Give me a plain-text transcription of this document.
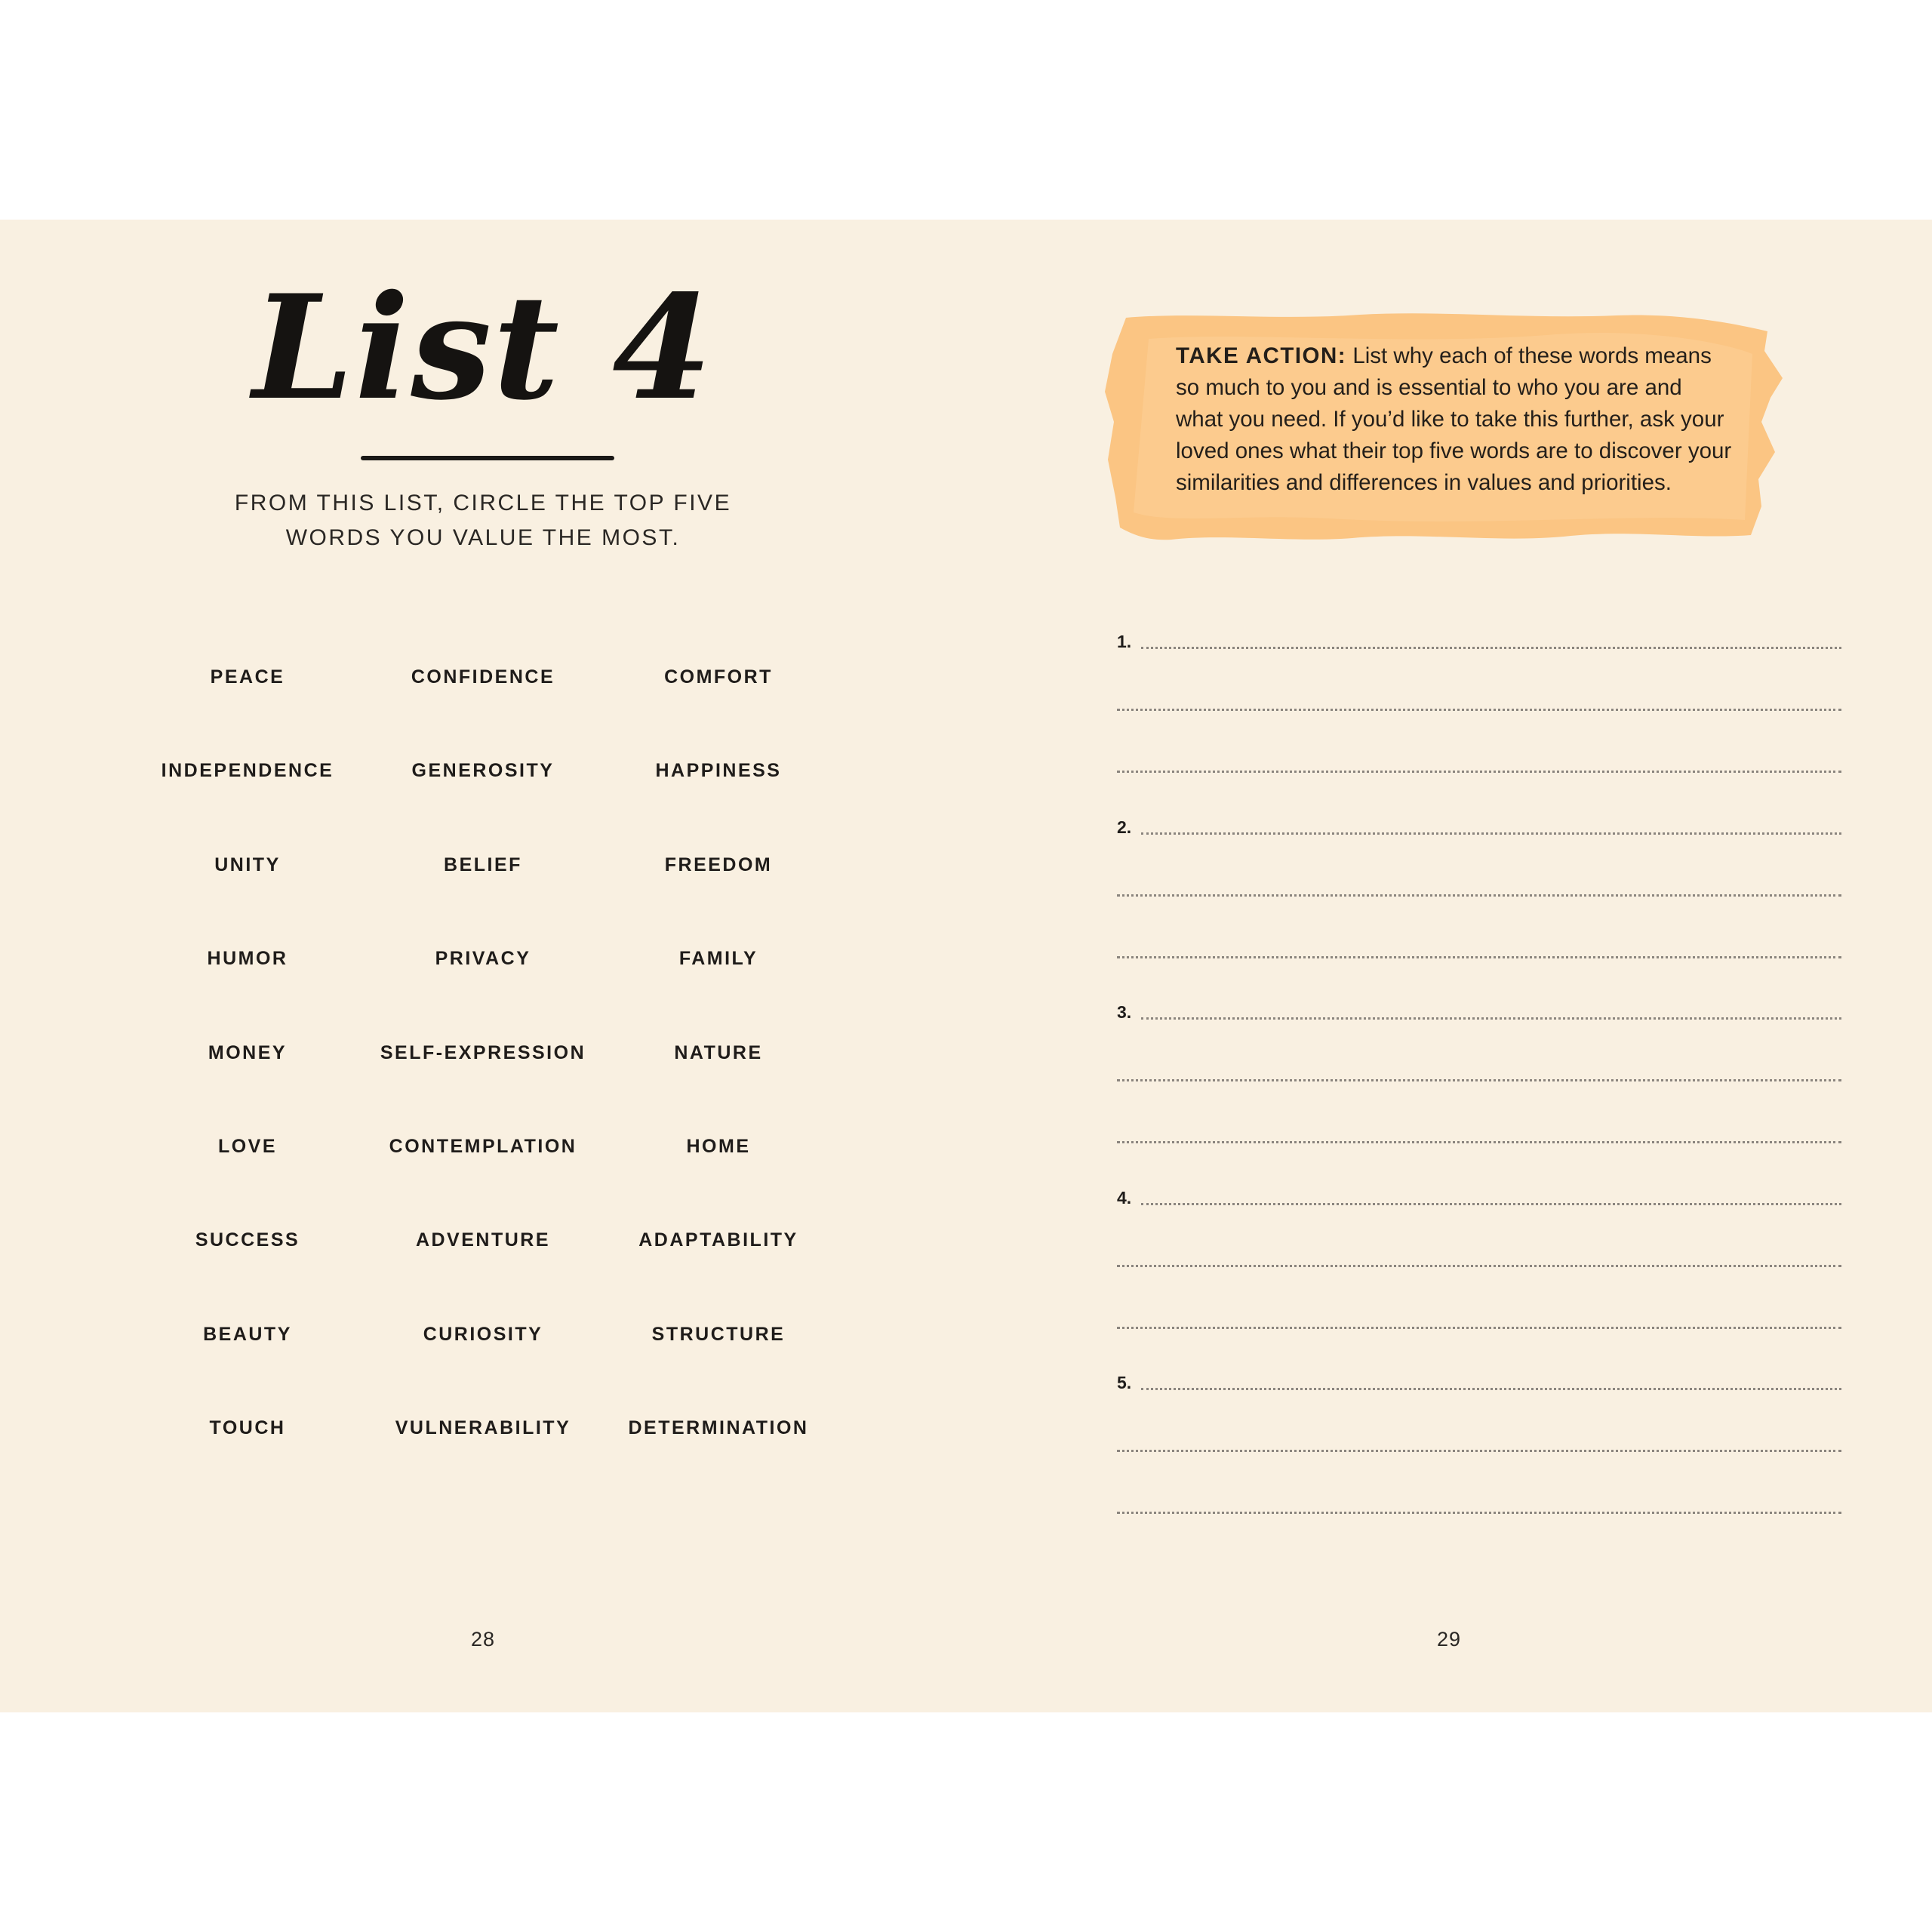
List 4
FROM THIS LIST, CIRCLE THE TOP FIVE
WORDS YOU VALUE THE MOST.
PEACE	CONFIDENCE	COMFORT
INDEPENDENCE	GENEROSITY	HAPPINESS
UNITY	BELIEF	FREEDOM
HUMOR	PRIVACY	FAMILY
MONEY	SELF-EXPRESSION	NATURE
LOVE	CONTEMPLATION	HOME
SUCCESS	ADVENTURE	ADAPTABILITY
BEAUTY	CURIOSITY	STRUCTURE
TOUCH	VULNERABILITY	DETERMINATION
28
TAKE ACTION: List why each of these words means so much to you and is essential to who you are and what you need. If you’d like to take this further, ask your loved ones what their top five words are to discover your similarities and differences in values and priorities.
1.
2.
3.
4.
5.
29
